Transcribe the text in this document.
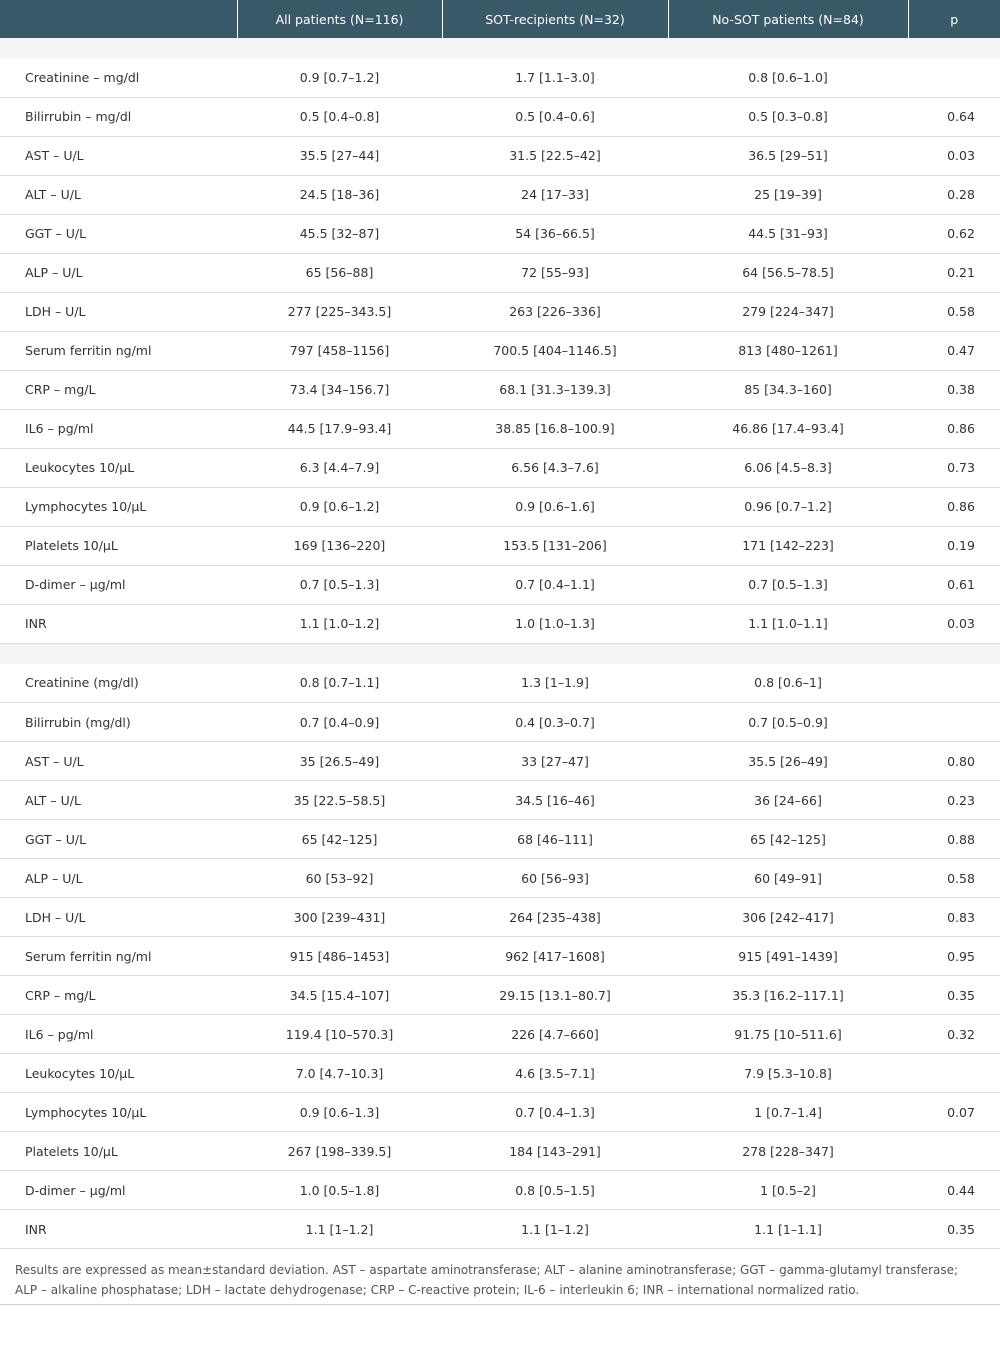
	All patients (N=116)	SOT-recipients (N=32)	No-SOT patients (N=84)	p

Creatinine – mg/dl	0.9 [0.7–1.2]	1.7 [1.1–3.0]	0.8 [0.6–1.0]	
Bilirrubin – mg/dl	0.5 [0.4–0.8]	0.5 [0.4–0.6]	0.5 [0.3–0.8]	0.64
AST – U/L	35.5 [27–44]	31.5 [22.5–42]	36.5 [29–51]	0.03
ALT – U/L	24.5 [18–36]	24 [17–33]	25 [19–39]	0.28
GGT – U/L	45.5 [32–87]	54 [36–66.5]	44.5 [31–93]	0.62
ALP – U/L	65 [56–88]	72 [55–93]	64 [56.5–78.5]	0.21
LDH – U/L	277 [225–343.5]	263 [226–336]	279 [224–347]	0.58
Serum ferritin ng/ml	797 [458–1156]	700.5 [404–1146.5]	813 [480–1261]	0.47
CRP – mg/L	73.4 [34–156.7]	68.1 [31.3–139.3]	85 [34.3–160]	0.38
IL6 – pg/ml	44.5 [17.9–93.4]	38.85 [16.8–100.9]	46.86 [17.4–93.4]	0.86
Leukocytes 10/µL	6.3 [4.4–7.9]	6.56 [4.3–7.6]	6.06 [4.5–8.3]	0.73
Lymphocytes 10/µL	0.9 [0.6–1.2]	0.9 [0.6–1.6]	0.96 [0.7–1.2]	0.86
Platelets 10/µL	169 [136–220]	153.5 [131–206]	171 [142–223]	0.19
D-dimer – µg/ml	0.7 [0.5–1.3]	0.7 [0.4–1.1]	0.7 [0.5–1.3]	0.61
INR	1.1 [1.0–1.2]	1.0 [1.0–1.3]	1.1 [1.0–1.1]	0.03

Creatinine (mg/dl)	0.8 [0.7–1.1]	1.3 [1–1.9]	0.8 [0.6–1]	
Bilirrubin (mg/dl)	0.7 [0.4–0.9]	0.4 [0.3–0.7]	0.7 [0.5–0.9]	
AST – U/L	35 [26.5–49]	33 [27–47]	35.5 [26–49]	0.80
ALT – U/L	35 [22.5–58.5]	34.5 [16–46]	36 [24–66]	0.23
GGT – U/L	65 [42–125]	68 [46–111]	65 [42–125]	0.88
ALP – U/L	60 [53–92]	60 [56–93]	60 [49–91]	0.58
LDH – U/L	300 [239–431]	264 [235–438]	306 [242–417]	0.83
Serum ferritin ng/ml	915 [486–1453]	962 [417–1608]	915 [491–1439]	0.95
CRP – mg/L	34.5 [15.4–107]	29.15 [13.1–80.7]	35.3 [16.2–117.1]	0.35
IL6 – pg/ml	119.4 [10–570.3]	226 [4.7–660]	91.75 [10–511.6]	0.32
Leukocytes 10/µL	7.0 [4.7–10.3]	4.6 [3.5–7.1]	7.9 [5.3–10.8]	
Lymphocytes 10/µL	0.9 [0.6–1.3]	0.7 [0.4–1.3]	1 [0.7–1.4]	0.07
Platelets 10/µL	267 [198–339.5]	184 [143–291]	278 [228–347]	
D-dimer – µg/ml	1.0 [0.5–1.8]	0.8 [0.5–1.5]	1 [0.5–2]	0.44
INR	1.1 [1–1.2]	1.1 [1–1.2]	1.1 [1–1.1]	0.35
Results are expressed as mean±standard deviation. AST – aspartate aminotransferase; ALT – alanine aminotransferase; GGT – gamma-glutamyl transferase; ALP – alkaline phosphatase; LDH – lactate dehydrogenase; CRP – C-reactive protein; IL-6 – interleukin 6; INR – international normalized ratio.
